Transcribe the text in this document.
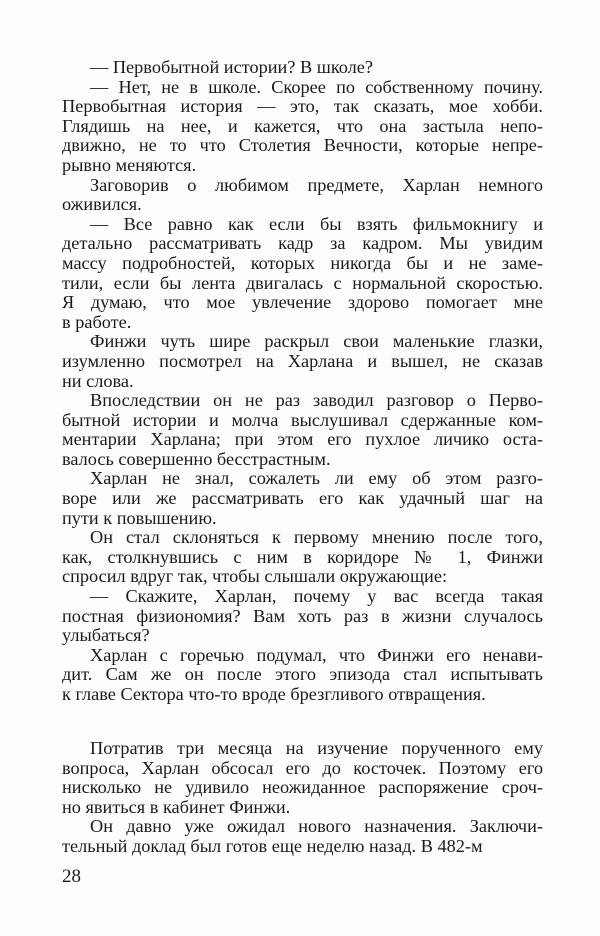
— Первобытной истории? В школе?
— Нет, не в школе. Скорее по собственному почину.
Первобытная история — это, так сказать, мое хобби.
Глядишь на нее, и кажется, что она застыла непо-
движно, не то что Столетия Вечности, которые непре-
рывно меняются.
Заговорив о любимом предмете, Харлан немного
оживился.
— Все равно как если бы взять фильмокнигу и
детально рассматривать кадр за кадром. Мы увидим
массу подробностей, которых никогда бы и не заме-
тили, если бы лента двигалась с нормальной скоростью.
Я думаю, что мое увлечение здорово помогает мне
в работе.
Финжи чуть шире раскрыл свои маленькие глазки,
изумленно посмотрел на Харлана и вышел, не сказав
ни слова.
Впоследствии он не раз заводил разговор о Перво-
бытной истории и молча выслушивал сдержанные ком-
ментарии Харлана; при этом его пухлое личико оста-
валось совершенно бесстрастным.
Харлан не знал, сожалеть ли ему об этом разго-
воре или же рассматривать его как удачный шаг на
пути к повышению.
Он стал склоняться к первому мнению после того,
как, столкнувшись с ним в коридоре № 1, Финжи
спросил вдруг так, чтобы слышали окружающие:
— Скажите, Харлан, почему у вас всегда такая
постная физиономия? Вам хоть раз в жизни случалось
улыбаться?
Харлан с горечью подумал, что Финжи его ненави-
дит. Сам же он после этого эпизода стал испытывать
к главе Сектора что-то вроде брезгливого отвращения.
Потратив три месяца на изучение порученного ему
вопроса, Харлан обсосал его до косточек. Поэтому его
нисколько не удивило неожиданное распоряжение сроч-
но явиться в кабинет Финжи.
Он давно уже ожидал нового назначения. Заключи-
тельный доклад был готов еще неделю назад. В 482-м
28
